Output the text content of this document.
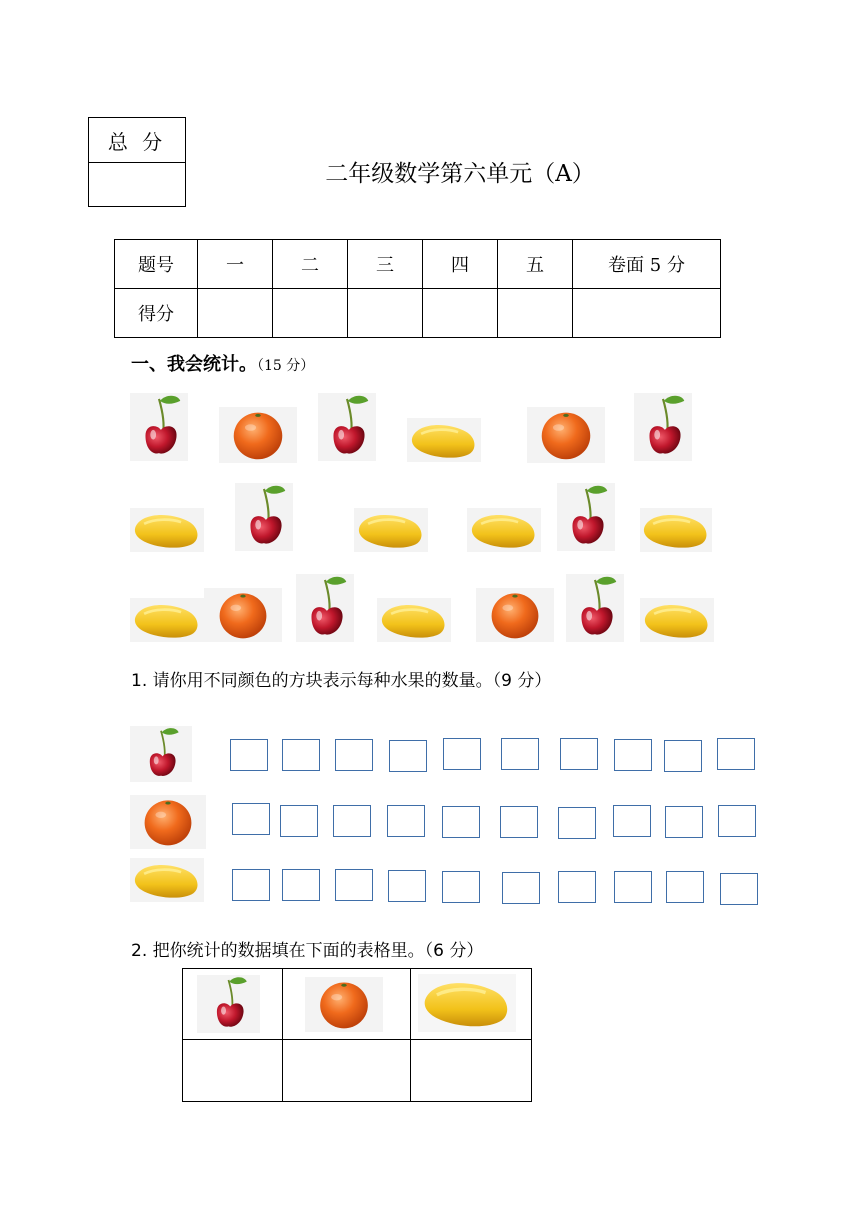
总 分
二年级数学第六单元（A）
题号	一	二	三	四	五	卷面 5 分
得分						
一、我会统计。（15 分）
1. 请你用不同颜色的方块表示每种水果的数量。（9 分）
2. 把你统计的数据填在下面的表格里。（6 分）
